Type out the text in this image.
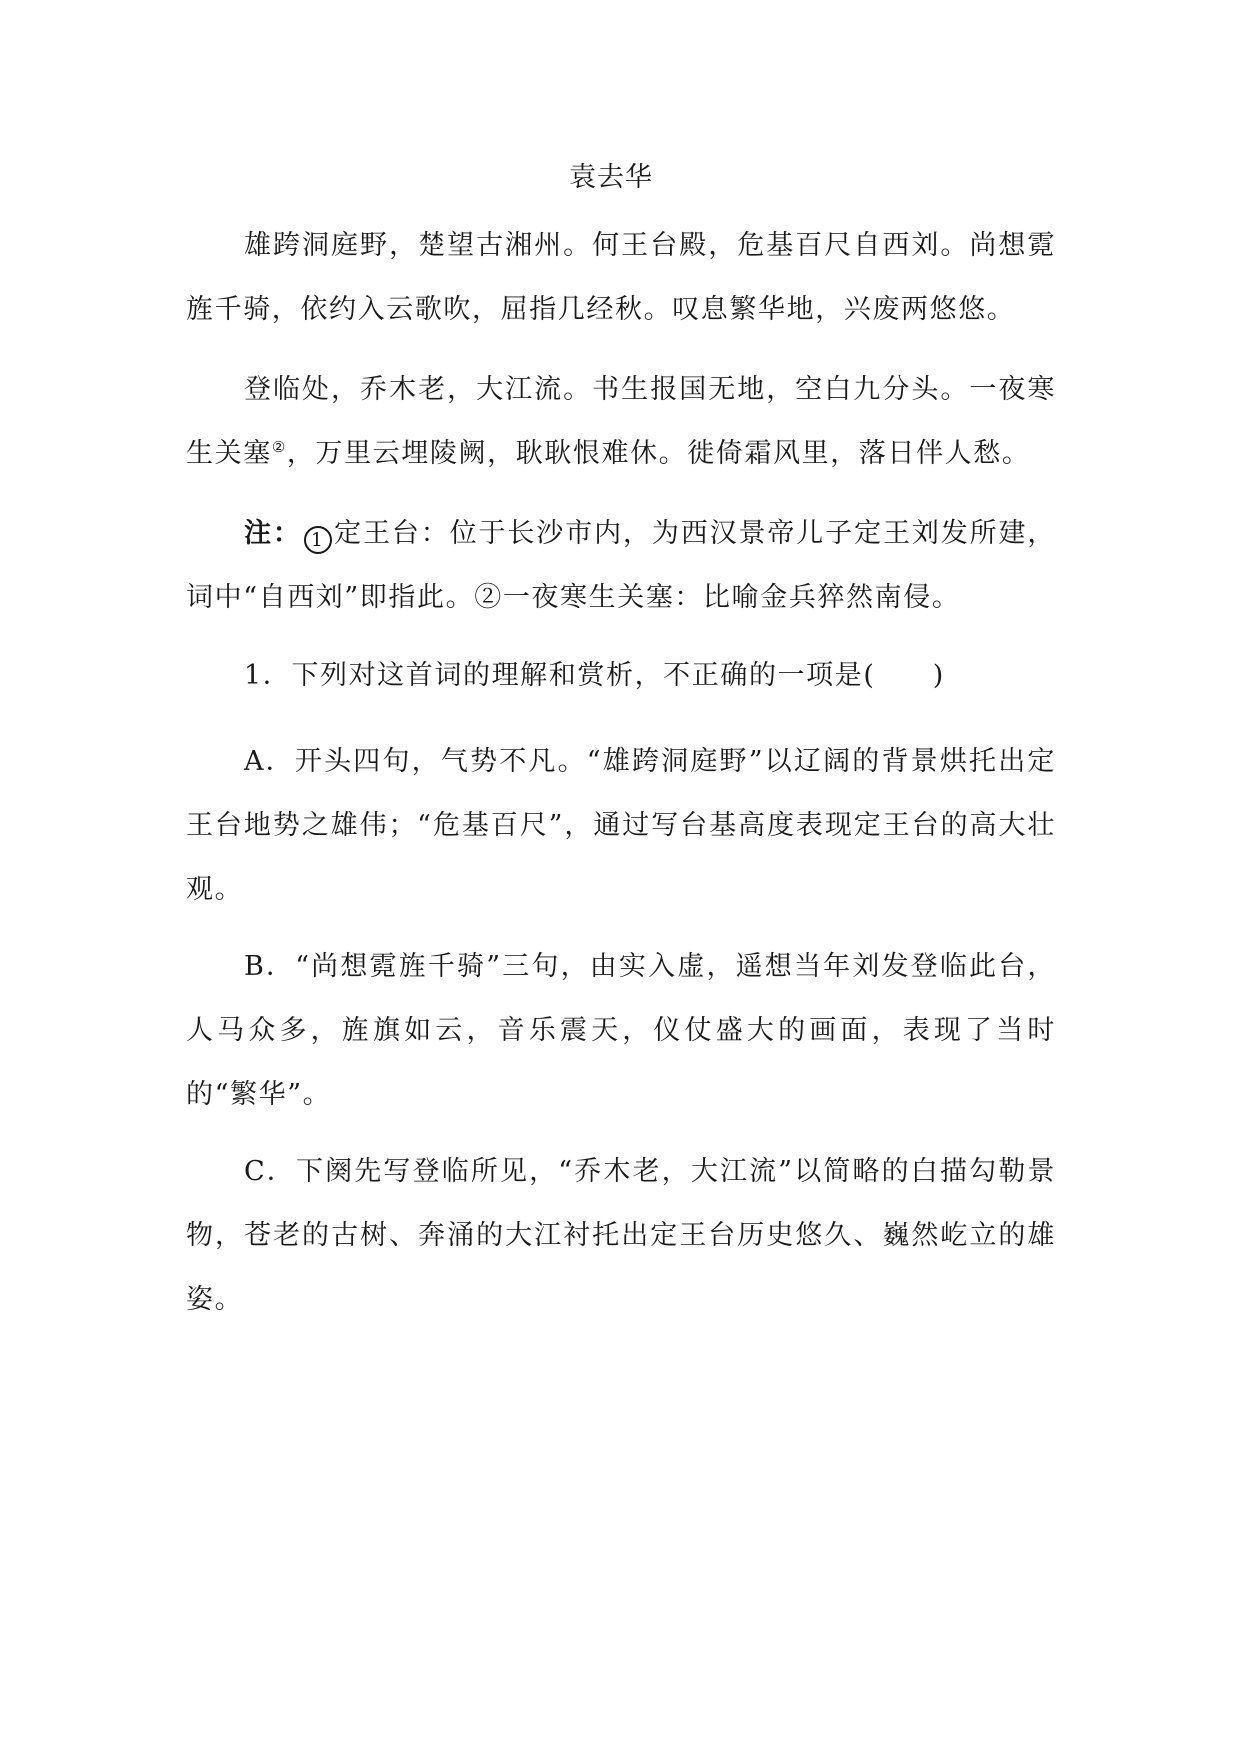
袁去华

雄跨洞庭野，楚望古湘州。何王台殿，危基百尺自西刘。尚想霓旌千骑，依约入云歌吹，屈指几经秋。叹息繁华地，兴废两悠悠。

登临处，乔木老，大江流。书生报国无地，空白九分头。一夜寒生关塞②，万里云埋陵阙，耿耿恨难休。徙倚霜风里，落日伴人愁。

注： 1 定王台：位于长沙市内，为西汉景帝儿子定王刘发所建，词中“自西刘”即指此。②一夜寒生关塞：比喻金兵猝然南侵。

1．下列对这首词的理解和赏析，不正确的一项是(　　)

A．开头四句，气势不凡。“雄跨洞庭野”以辽阔的背景烘托出定王台地势之雄伟；“危基百尺”，通过写台基高度表现定王台的高大壮观。

B．“尚想霓旌千骑”三句，由实入虚，遥想当年刘发登临此台，人马众多，旌旗如云，音乐震天，仪仗盛大的画面，表现了当时的“繁华”。

C．下阕先写登临所见，“乔木老，大江流”以简略的白描勾勒景物，苍老的古树、奔涌的大江衬托出定王台历史悠久、巍然屹立的雄姿。
